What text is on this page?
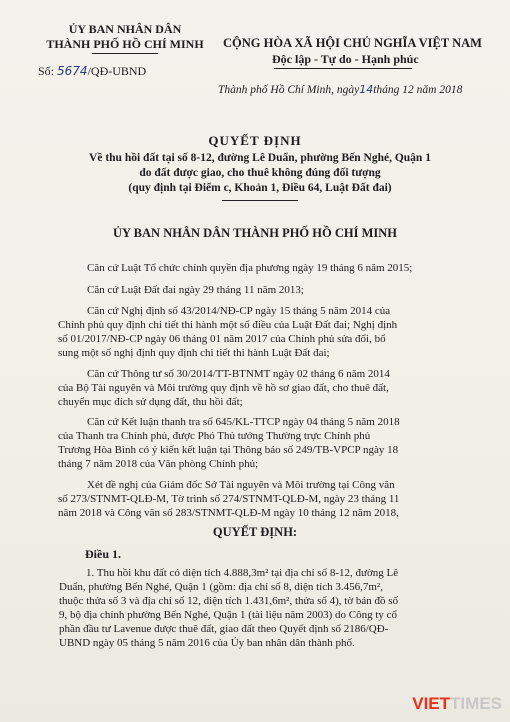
ỦY BAN NHÂN DÂN
THÀNH PHỐ HỒ CHÍ MINH
Số: 5674/QĐ-UBND
CỘNG HÒA XÃ HỘI CHỦ NGHĨA VIỆT NAM
Độc lập - Tự do - Hạnh phúc
Thành phố Hồ Chí Minh, ngày14tháng 12 năm 2018
QUYẾT ĐỊNH
Về thu hồi đất tại số 8-12, đường Lê Duẩn, phường Bến Nghé, Quận 1
do đất được giao, cho thuê không đúng đối tượng
(quy định tại Điểm c, Khoản 1, Điều 64, Luật Đất đai)
ỦY BAN NHÂN DÂN THÀNH PHỐ HỒ CHÍ MINH
Căn cứ Luật Tổ chức chính quyền địa phương ngày 19 tháng 6 năm 2015;
Căn cứ Luật Đất đai ngày 29 tháng 11 năm 2013;
Căn cứ Nghị định số 43/2014/NĐ-CP ngày 15 tháng 5 năm 2014 của
Chính phủ quy định chi tiết thi hành một số điều của Luật Đất đai; Nghị định
số 01/2017/NĐ-CP ngày 06 tháng 01 năm 2017 của Chính phủ sửa đổi, bổ
sung một số nghị định quy định chi tiết thi hành Luật Đất đai;
Căn cứ Thông tư số 30/2014/TT-BTNMT ngày 02 tháng 6 năm 2014
của Bộ Tài nguyên và Môi trường quy định về hồ sơ giao đất, cho thuê đất,
chuyển mục đích sử dụng đất, thu hồi đất;
Căn cứ Kết luận thanh tra số 645/KL-TTCP ngày 04 tháng 5 năm 2018
của Thanh tra Chính phủ, được Phó Thủ tướng Thường trực Chính phủ
Trương Hòa Bình có ý kiến kết luận tại Thông báo số 249/TB-VPCP ngày 18
tháng 7 năm 2018 của Văn phòng Chính phủ;
Xét đề nghị của Giám đốc Sở Tài nguyên và Môi trường tại Công văn
số 273/STNMT-QLĐ-M, Tờ trình số 274/STNMT-QLĐ-M, ngày 23 tháng 11
năm 2018 và Công văn số 283/STNMT-QLĐ-M ngày 10 tháng 12 năm 2018,
QUYẾT ĐỊNH:
Điều 1.
1. Thu hồi khu đất có diện tích 4.888,3m² tại địa chỉ số 8-12, đường Lê
Duẩn, phường Bến Nghé, Quận 1 (gồm: địa chỉ số 8, diện tích 3.456,7m²,
thuộc thửa số 3 và địa chỉ số 12, diện tích 1.431,6m², thửa số 4), tờ bản đồ số
9, bộ địa chính phường Bến Nghé, Quận 1 (tài liệu năm 2003) do Công ty cổ
phần đầu tư Lavenue được thuê đất, giao đất theo Quyết định số 2186/QĐ-
UBND ngày 05 tháng 5 năm 2016 của Ủy ban nhân dân thành phố.
VIETTIMES
